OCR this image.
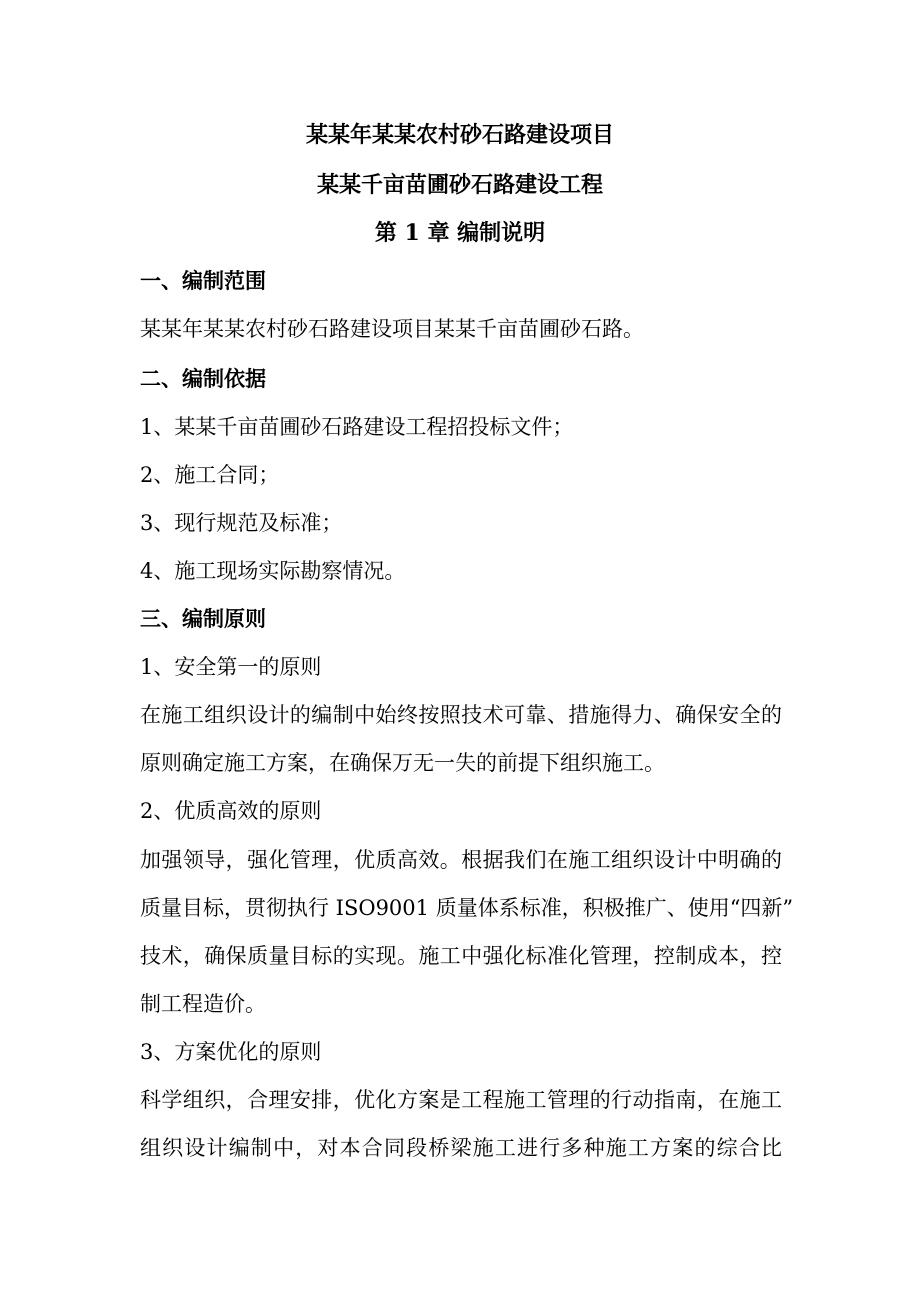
某某年某某农村砂石路建设项目
某某千亩苗圃砂石路建设工程
第 1 章 编制说明
一、编制范围
某某年某某农村砂石路建设项目某某千亩苗圃砂石路。
二、编制依据
1、某某千亩苗圃砂石路建设工程招投标文件；
2、施工合同；
3、现行规范及标准；
4、施工现场实际勘察情况。
三、编制原则
1、安全第一的原则
在施工组织设计的编制中始终按照技术可靠、措施得力、确保安全的
原则确定施工方案，在确保万无一失的前提下组织施工。
2、优质高效的原则
加强领导，强化管理，优质高效。根据我们在施工组织设计中明确的
质量目标，贯彻执行 ISO9001 质量体系标准，积极推广、使用“四新”
技术，确保质量目标的实现。施工中强化标准化管理，控制成本，控
制工程造价。
3、方案优化的原则
科学组织，合理安排，优化方案是工程施工管理的行动指南，在施工
组织设计编制中，对本合同段桥梁施工进行多种施工方案的综合比
